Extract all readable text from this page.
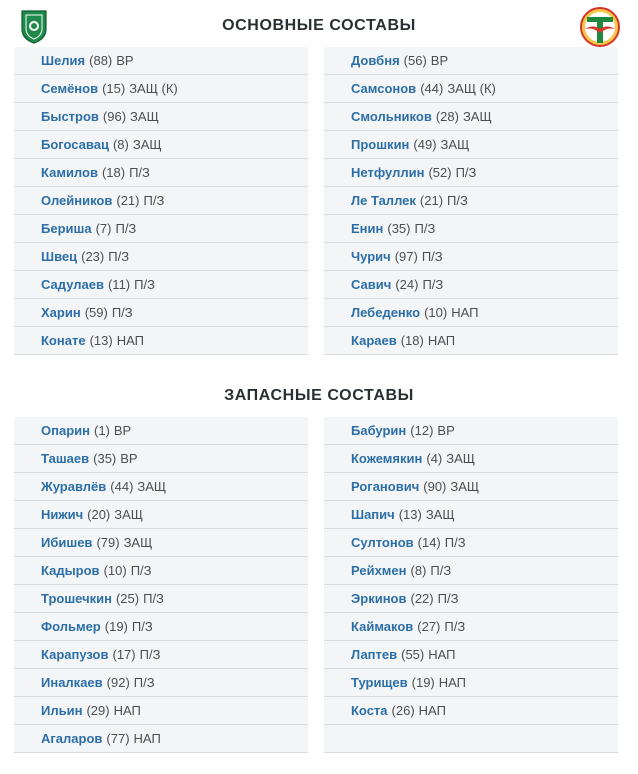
ОСНОВНЫЕ СОСТАВЫ
Шелия (88) ВР
Семёнов (15) ЗАЩ (К)
Быстров (96) ЗАЩ
Богосавац (8) ЗАЩ
Камилов (18) П/З
Олейников (21) П/З
Бериша (7) П/З
Швец (23) П/З
Садулаев (11) П/З
Харин (59) П/З
Конате (13) НАП
Довбня (56) ВР
Самсонов (44) ЗАЩ (К)
Смольников (28) ЗАЩ
Прошкин (49) ЗАЩ
Нетфуллин (52) П/З
Ле Таллек (21) П/З
Енин (35) П/З
Чурич (97) П/З
Савич (24) П/З
Лебеденко (10) НАП
Караев (18) НАП
ЗАПАСНЫЕ СОСТАВЫ
Опарин (1) ВР
Ташаев (35) ВР
Журавлёв (44) ЗАЩ
Нижич (20) ЗАЩ
Ибишев (79) ЗАЩ
Кадыров (10) П/З
Трошечкин (25) П/З
Фольмер (19) П/З
Карапузов (17) П/З
Иналкаев (92) П/З
Ильин (29) НАП
Агаларов (77) НАП
Бабурин (12) ВР
Кожемякин (4) ЗАЩ
Роганович (90) ЗАЩ
Шапич (13) ЗАЩ
Султонов (14) П/З
Рейхмен (8) П/З
Эркинов (22) П/З
Каймаков (27) П/З
Лаптев (55) НАП
Турищев (19) НАП
Коста (26) НАП
